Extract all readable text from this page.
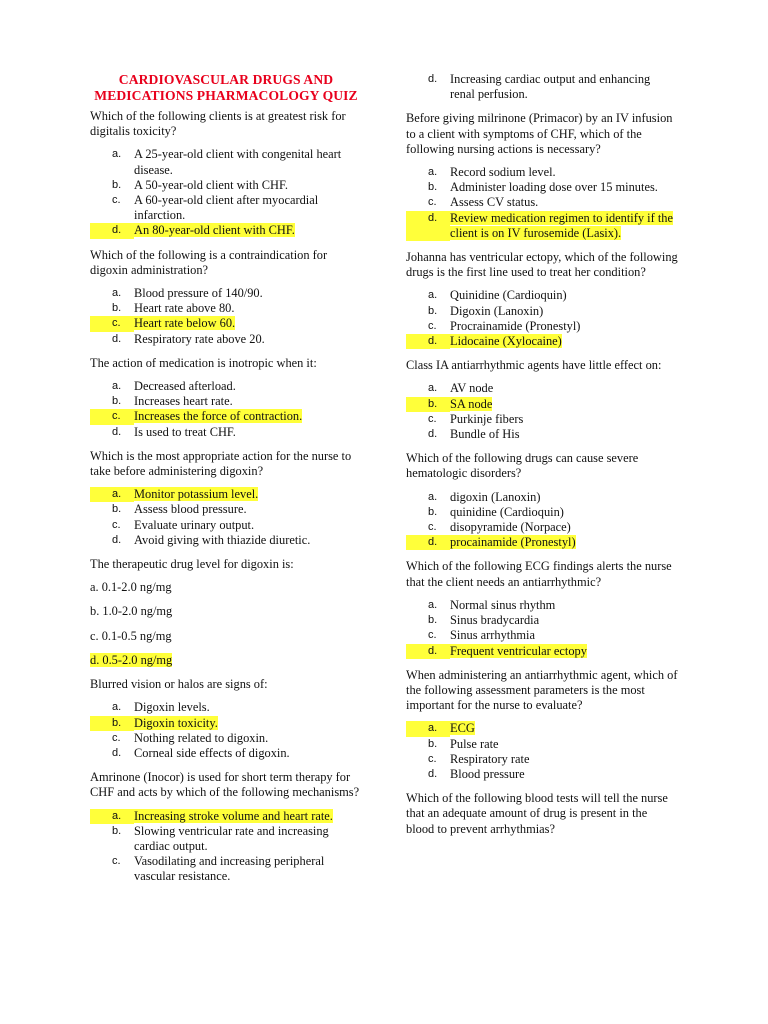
CARDIOVASCULAR DRUGS AND MEDICATIONS PHARMACOLOGY QUIZ
Which of the following clients is at greatest risk for digitalis toxicity?
a.	A 25-year-old client with congenital heart disease.
b.	A 50-year-old client with CHF.
c.	A 60-year-old client after myocardial infarction.
d.	An 80-year-old client with CHF.
Which of the following is a contraindication for digoxin administration?
a.	Blood pressure of 140/90.
b.	Heart rate above 80.
c.	Heart rate below 60.
d.	Respiratory rate above 20.
The action of medication is inotropic when it:
a.	Decreased afterload.
b.	Increases heart rate.
c.	Increases the force of contraction.
d.	Is used to treat CHF.
Which is the most appropriate action for the nurse to take before administering digoxin?
a.	Monitor potassium level.
b.	Assess blood pressure.
c.	Evaluate urinary output.
d.	Avoid giving with thiazide diuretic.
The therapeutic drug level for digoxin is:
a. 0.1-2.0 ng/mg
b. 1.0-2.0 ng/mg
c. 0.1-0.5 ng/mg
d. 0.5-2.0 ng/mg
Blurred vision or halos are signs of:
a.	Digoxin levels.
b.	Digoxin toxicity.
c.	Nothing related to digoxin.
d.	Corneal side effects of digoxin.
Amrinone (Inocor) is used for short term therapy for CHF and acts by which of the following mechanisms?
a.	Increasing stroke volume and heart rate.
b.	Slowing ventricular rate and increasing cardiac output.
c.	Vasodilating and increasing peripheral vascular resistance.
d.	Increasing cardiac output and enhancing renal perfusion.
Before giving milrinone (Primacor) by an IV infusion to a client with symptoms of CHF, which of the following nursing actions is necessary?
a.	Record sodium level.
b.	Administer loading dose over 15 minutes.
c.	Assess CV status.
d.	Review medication regimen to identify if the client is on IV furosemide (Lasix).
Johanna has ventricular ectopy, which of the following drugs is the first line used to treat her condition?
a.	Quinidine (Cardioquin)
b.	Digoxin (Lanoxin)
c.	Procrainamide (Pronestyl)
d.	Lidocaine (Xylocaine)
Class IA antiarrhythmic agents have little effect on:
a.	AV node
b.	SA node
c.	Purkinje fibers
d.	Bundle of His
Which of the following drugs can cause severe hematologic disorders?
a.	digoxin (Lanoxin)
b.	quinidine (Cardioquin)
c.	disopyramide (Norpace)
d.	procainamide (Pronestyl)
Which of the following ECG findings alerts the nurse that the client needs an antiarrhythmic?
a.	Normal sinus rhythm
b.	Sinus bradycardia
c.	Sinus arrhythmia
d.	Frequent ventricular ectopy
When administering an antiarrhythmic agent, which of the following assessment parameters is the most important for the nurse to evaluate?
a.	ECG
b.	Pulse rate
c.	Respiratory rate
d.	Blood pressure
Which of the following blood tests will tell the nurse that an adequate amount of drug is present in the blood to prevent arrhythmias?
